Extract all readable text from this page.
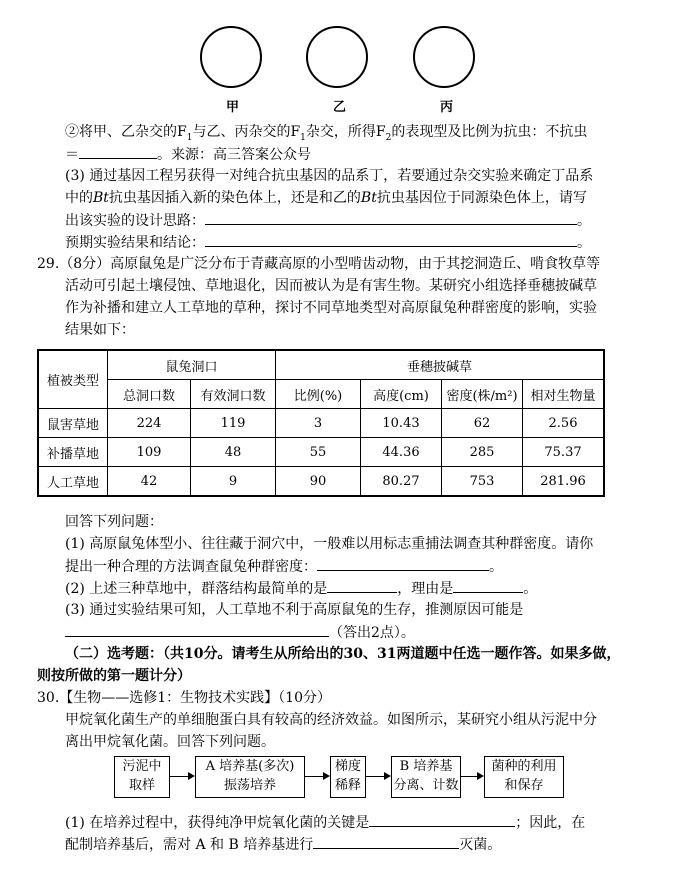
甲	乙	丙
②将甲、乙杂交的$F_1$与乙、丙杂交的$F_1$杂交，所得$F_2$的表现型及比例为抗虫：不抗虫
＝	。来源：高三答案公众号
(3) 通过基因工程另获得一对纯合抗虫基因的品系丁，若要通过杂交实验来确定丁品系
中的Bt抗虫基因插入新的染色体上，还是和乙的Bt抗虫基因位于同源染色体上，请写
出该实验的设计思路：	。
预期实验结果和结论：	。
29.（8分）高原鼠兔是广泛分布于青藏高原的小型啃齿动物，由于其挖洞造丘、啃食牧草等
活动可引起土壤侵蚀、草地退化，因而被认为是有害生物。某研究小组选择垂穗披碱草
作为补播和建立人工草地的草种，探讨不同草地类型对高原鼠兔种群密度的影响，实验
结果如下：
植被类型	鼠兔洞口		垂穗披碱草			
	总洞口数	有效洞口数	比例(%)	高度(cm)	密度(株/m²)	相对生物量
鼠害草地	224	119	3	10.43	62	2.56
补播草地	109	48	55	44.36	285	75.37
人工草地	42	9	90	80.27	753	281.96
回答下列问题：
(1) 高原鼠兔体型小、往往藏于洞穴中，一般难以用标志重捕法调查其种群密度。请你
提出一种合理的方法调查鼠兔种群密度：	。
(2) 上述三种草地中，群落结构最简单的是	，理由是	。
(3) 通过实验结果可知，人工草地不利于高原鼠兔的生存，推测原因可能是
（答出2点）。
（二）选考题：（共10分。请考生从所给出的30、31两道题中任选一题作答。如果多做，
则按所做的第一题计分）
30.【生物——选修1：生物技术实践】（10分）
甲烷氧化菌生产的单细胞蛋白具有较高的经济效益。如图所示，某研究小组从污泥中分
离出甲烷氧化菌。回答下列问题。
污泥中
取样
A 培养基(多次)
振荡培养
梯度
稀释
B 培养基
分离、计数
菌种的利用
和保存
(1) 在培养过程中，获得纯净甲烷氧化菌的关键是	；因此，在
配制培养基后，需对 A 和 B 培养基进行	灭菌。
